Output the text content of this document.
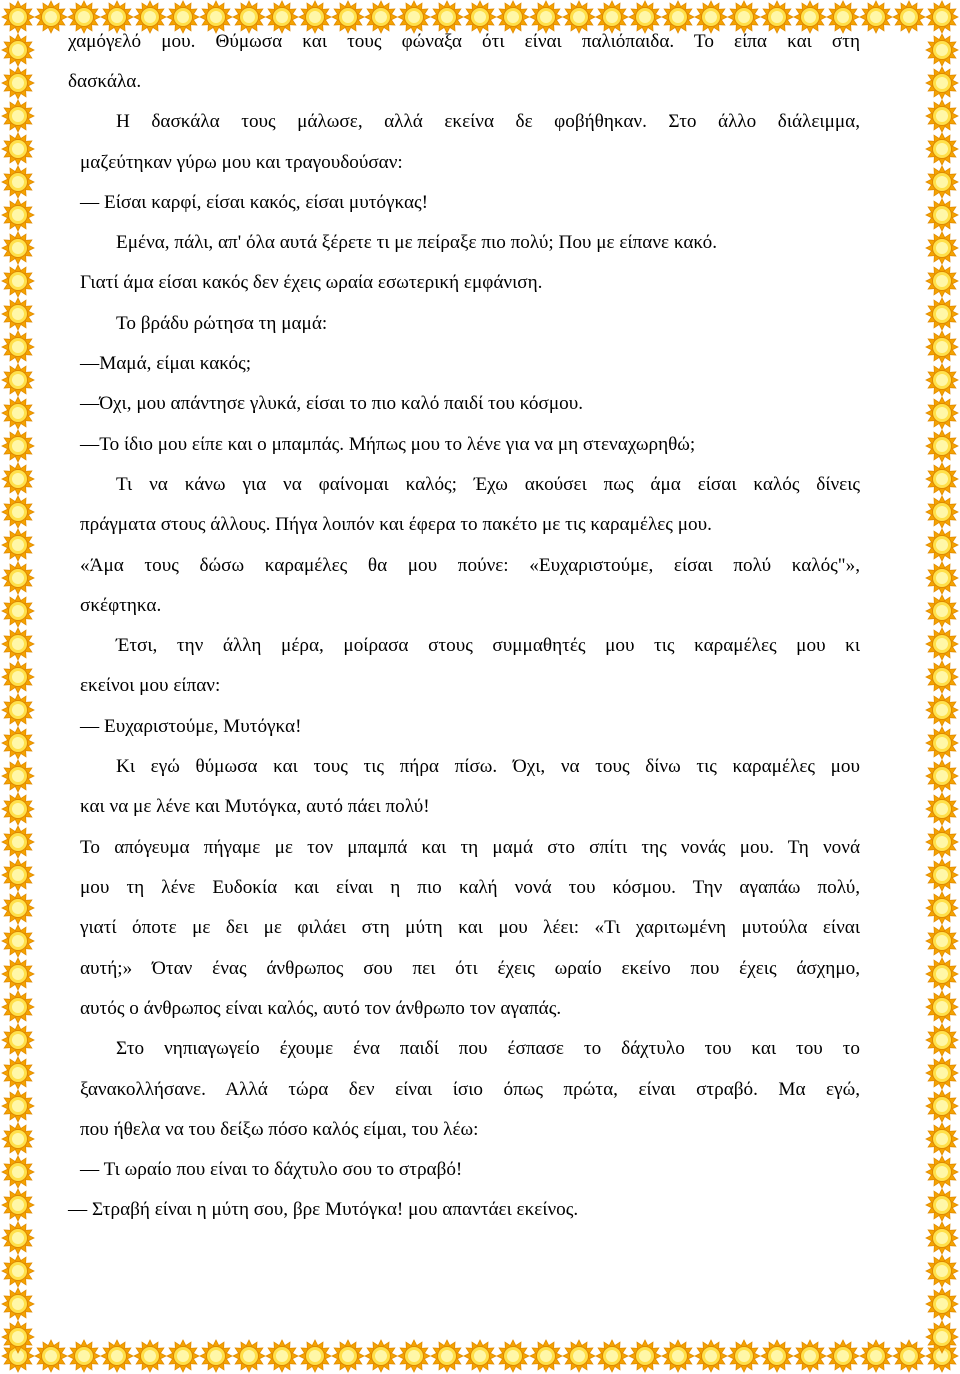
χαμόγελό μου. Θύμωσα και τους φώναξα ότι είναι παλιόπαιδα. Το είπα και στη
δασκάλα.
Η δασκάλα τους μάλωσε, αλλά εκείνα δε φοβήθηκαν. Στο άλλο διάλειμμα,
μαζεύτηκαν γύρω μου και τραγουδούσαν:
— Είσαι καρφί, είσαι κακός, είσαι μυτόγκας!
Εμένα, πάλι, απ' όλα αυτά ξέρετε τι με πείραξε πιο πολύ; Που με είπανε κακό.
Γιατί άμα είσαι κακός δεν έχεις ωραία εσωτερική εμφάνιση.
Το βράδυ ρώτησα τη μαμά:
—Μαμά, είμαι κακός;
—Όχι, μου απάντησε γλυκά, είσαι το πιο καλό παιδί του κόσμου.
—Το ίδιο μου είπε και ο μπαμπάς. Μήπως μου το λένε για να μη στεναχωρηθώ;
Τι να κάνω για να φαίνομαι καλός; Έχω ακούσει πως άμα είσαι καλός δίνεις
πράγματα στους άλλους. Πήγα λοιπόν και έφερα το πακέτο με τις καραμέλες μου.
«Άμα τους δώσω καραμέλες θα μου πούνε: «Ευχαριστούμε, είσαι πολύ καλός"»,
σκέφτηκα.
Έτσι, την άλλη μέρα, μοίρασα στους συμμαθητές μου τις καραμέλες μου κι
εκείνοι μου είπαν:
— Ευχαριστούμε, Μυτόγκα!
Κι εγώ θύμωσα και τους τις πήρα πίσω. Όχι, να τους δίνω τις καραμέλες μου
και να με λένε και Μυτόγκα, αυτό πάει πολύ!
Το απόγευμα πήγαμε με τον μπαμπά και τη μαμά στο σπίτι της νονάς μου. Τη νονά
μου τη λένε Ευδοκία και είναι η πιο καλή νονά του κόσμου. Την αγαπάω πολύ,
γιατί όποτε με δει με φιλάει στη μύτη και μου λέει: «Τι χαριτωμένη μυτούλα είναι
αυτή;» Όταν ένας άνθρωπος σου πει ότι έχεις ωραίο εκείνο που έχεις άσχημο,
αυτός ο άνθρωπος είναι καλός, αυτό τον άνθρωπο τον αγαπάς.
Στο νηπιαγωγείο έχουμε ένα παιδί που έσπασε το δάχτυλο του και του το
ξανακολλήσανε. Αλλά τώρα δεν είναι ίσιο όπως πρώτα, είναι στραβό. Μα εγώ,
που ήθελα να του δείξω πόσο καλός είμαι, του λέω:
— Τι ωραίο που είναι το δάχτυλο σου το στραβό!
— Στραβή είναι η μύτη σου, βρε Μυτόγκα! μου απαντάει εκείνος.
